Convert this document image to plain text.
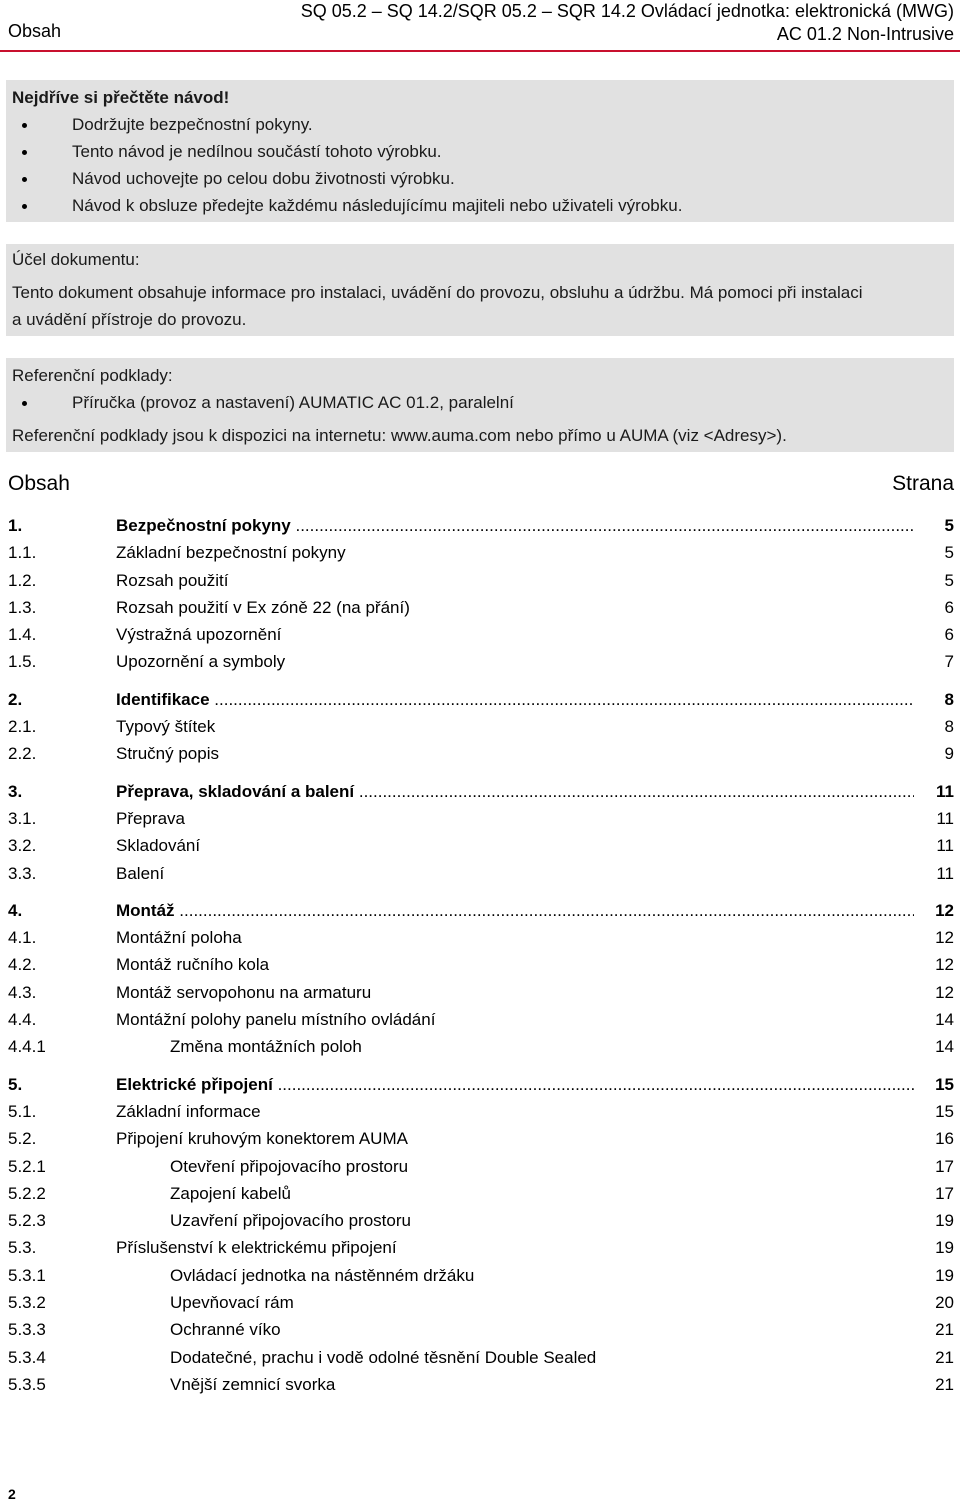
Obsah
SQ 05.2 – SQ 14.2/SQR 05.2 – SQR 14.2 Ovládací jednotka: elektronická (MWG)
AC 01.2 Non-Intrusive

Nejdříve si přečtěte návod!

Dodržujte bezpečnostní pokyny.

Tento návod je nedílnou součástí tohoto výrobku.

Návod uchovejte po celou dobu životnosti výrobku.

Návod k obsluze předejte každému následujícímu majiteli nebo uživateli výrobku.

Účel dokumentu:

Tento dokument obsahuje informace pro instalaci, uvádění do provozu, obsluhu a údržbu. Má pomoci při instalaci

a uvádění přístroje do provozu.

Referenční podklady:

Příručka (provoz a nastavení) AUMATIC AC 01.2, paralelní

Referenční podklady jsou k dispozici na internetu: www.auma.com nebo přímo u AUMA (viz <Adresy>).

Obsah	Strana
1.	Bezpečnostní pokyny .....	5
1.1.	Základní bezpečnostní pokyny	5
1.2.	Rozsah použití	5
1.3.	Rozsah použití v Ex zóně 22 (na přání)	6
1.4.	Výstražná upozornění	6
1.5.	Upozornění a symboly	7
2.	Identifikace .....	8
2.1.	Typový štítek	8
2.2.	Stručný popis	9
3.	Přeprava, skladování a balení .....	11
3.1.	Přeprava	11
3.2.	Skladování	11
3.3.	Balení	11
4.	Montáž .....	12
4.1.	Montážní poloha	12
4.2.	Montáž ručního kola	12
4.3.	Montáž servopohonu na armaturu	12
4.4.	Montážní polohy panelu místního ovládání	14
4.4.1	Změna montážních poloh	14
5.	Elektrické připojení .....	15
5.1.	Základní informace	15
5.2.	Připojení kruhovým konektorem AUMA	16
5.2.1	Otevření připojovacího prostoru	17
5.2.2	Zapojení kabelů	17
5.2.3	Uzavření připojovacího prostoru	19
5.3.	Příslušenství k elektrickému připojení	19
5.3.1	Ovládací jednotka na nástěnném držáku	19
5.3.2	Upevňovací rám	20
5.3.3	Ochranné víko	21
5.3.4	Dodatečné, prachu i vodě odolné těsnění Double Sealed	21
5.3.5	Vnější zemnicí svorka	21
2
